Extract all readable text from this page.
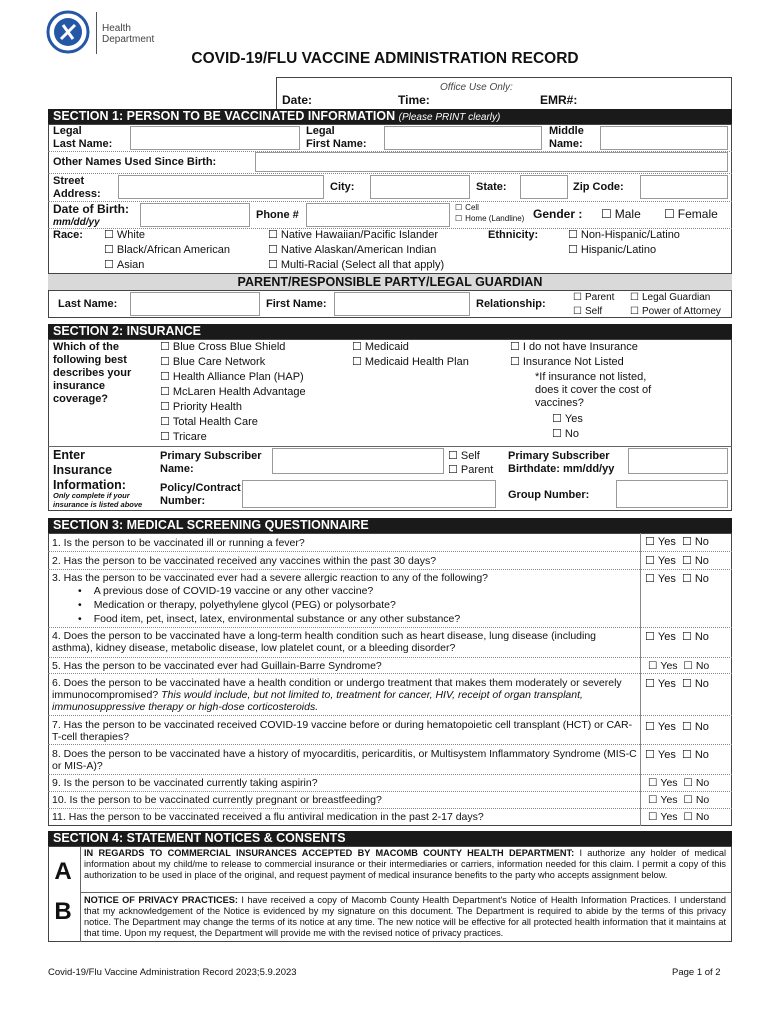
Health
Department
COVID-19/FLU VACCINE ADMINISTRATION RECORD
Office Use Only:
Date:	Time:	EMR#:
SECTION 1: PERSON TO BE VACCINATED INFORMATION (Please PRINT clearly)
Legal
Last Name:
Legal
First Name:
Middle
Name:
Other Names Used Since Birth:
Street
Address:
City:	State:	Zip Code:
Date of Birth:
mm/dd/yy
Phone #
☐ Cell
☐ Home (Landline) Gender :	☐ Male	☐ Female
Race:	☐ White
☐ Black/African American
☐ Asian
☐ Native Hawaiian/Pacific Islander
☐ Native Alaskan/American Indian
☐ Multi-Racial (Select all that apply)
Ethnicity:	☐ Non-Hispanic/Latino
☐ Hispanic/Latino
PARENT/RESPONSIBLE PARTY/LEGAL GUARDIAN
Last Name:	First Name:	Relationship:
☐ Parent	☐ Legal Guardian
☐ Self	☐ Power of Attorney
SECTION 2: INSURANCE
Which of the following best describes your insurance coverage?
☐ Blue Cross Blue Shield
☐ Blue Care Network
☐ Health Alliance Plan (HAP)
☐ McLaren Health Advantage
☐ Priority Health
☐ Total Health Care
☐ Tricare
☐ Medicaid
☐ Medicaid Health Plan
☐ I do not have Insurance
☐ Insurance Not Listed
*If insurance not listed, does it cover the cost of vaccines?
☐ Yes
☐ No
Enter Insurance Information:
Only complete if your insurance is listed above
Primary Subscriber Name:
☐ Self
☐ Parent
Primary Subscriber Birthdate: mm/dd/yy
Policy/Contract Number:	Group Number:
SECTION 3: MEDICAL SCREENING QUESTIONNAIRE
1. Is the person to be vaccinated ill or running a fever?	☐ Yes ☐ No
2. Has the person to be vaccinated received any vaccines within the past 30 days?	☐ Yes ☐ No
3. Has the person to be vaccinated ever had a severe allergic reaction to any of the following?	☐ Yes ☐ No
• A previous dose of COVID-19 vaccine or any other vaccine?
• Medication or therapy, polyethylene glycol (PEG) or polysorbate?
• Food item, pet, insect, latex, environmental substance or any other substance?
4. Does the person to be vaccinated have a long-term health condition such as heart disease, lung disease (including asthma), kidney disease, metabolic disease, low platelet count, or a bleeding disorder?
☐ Yes ☐ No
5. Has the person to be vaccinated ever had Guillain-Barre Syndrome?	☐ Yes ☐ No
6. Does the person to be vaccinated have a health condition or undergo treatment that makes them moderately or severely immunocompromised? This would include, but not limited to, treatment for cancer, HIV, receipt of organ transplant, immunosuppressive therapy or high-dose corticosteroids.
☐ Yes ☐ No
7. Has the person to be vaccinated received COVID-19 vaccine before or during hematopoietic cell transplant (HCT) or CAR-T-cell therapies?
☐ Yes ☐ No
8. Does the person to be vaccinated have a history of myocarditis, pericarditis, or Multisystem Inflammatory Syndrome (MIS-C or MIS-A)?
☐ Yes ☐ No
9. Is the person to be vaccinated currently taking aspirin?	☐ Yes ☐ No
10. Is the person to be vaccinated currently pregnant or breastfeeding?	☐ Yes ☐ No
11. Has the person to be vaccinated received a flu antiviral medication in the past 2-17 days?	☐ Yes ☐ No
SECTION 4: STATEMENT NOTICES & CONSENTS
A
IN REGARDS TO COMMERCIAL INSURANCES ACCEPTED BY MACOMB COUNTY HEALTH DEPARTMENT: I authorize any holder of medical information about my child/me to release to commercial insurance or their intermediaries or carriers, information needed for this claim. I permit a copy of this authorization to be used in place of the original, and request payment of medical insurance benefits to the party who accepts assignment below.
B NOTICE OF PRIVACY PRACTICES: I have received a copy of Macomb County Health Department's Notice of Health Information Practices. I understand that my acknowledgement of the Notice is evidenced by my signature on this document. The Department is required to abide by the terms of this privacy notice. The Department may change the terms of its notice at any time. The new notice will be effective for all protected health information that it maintains at that time. Upon my request, the Department will provide me with the revised notice of privacy practices.
Covid-19/Flu Vaccine Administration Record 2023;5.9.2023	Page 1 of 2
